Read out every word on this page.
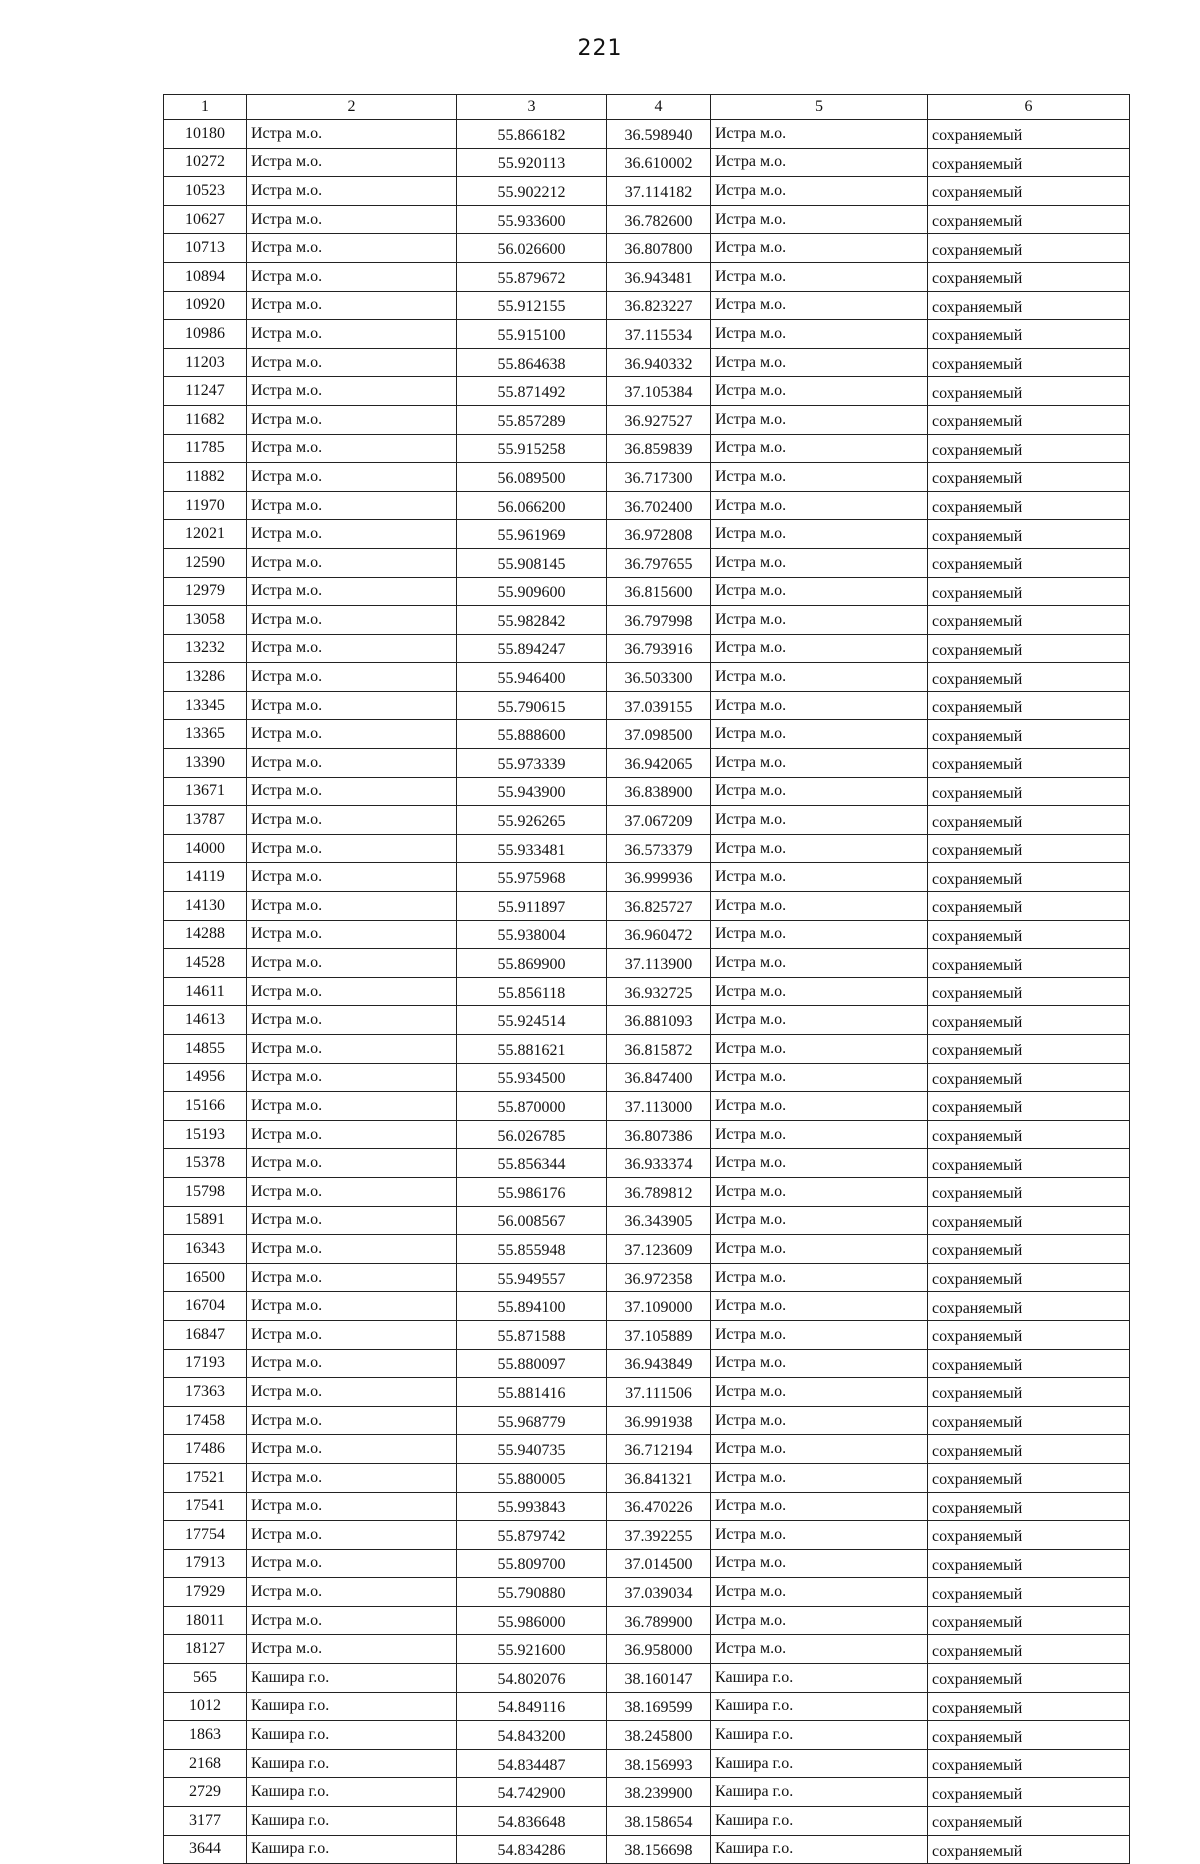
221
1	2	3	4	5	6
10180	Истра м.о.	55.866182	36.598940	Истра м.о.	сохраняемый
10272	Истра м.о.	55.920113	36.610002	Истра м.о.	сохраняемый
10523	Истра м.о.	55.902212	37.114182	Истра м.о.	сохраняемый
10627	Истра м.о.	55.933600	36.782600	Истра м.о.	сохраняемый
10713	Истра м.о.	56.026600	36.807800	Истра м.о.	сохраняемый
10894	Истра м.о.	55.879672	36.943481	Истра м.о.	сохраняемый
10920	Истра м.о.	55.912155	36.823227	Истра м.о.	сохраняемый
10986	Истра м.о.	55.915100	37.115534	Истра м.о.	сохраняемый
11203	Истра м.о.	55.864638	36.940332	Истра м.о.	сохраняемый
11247	Истра м.о.	55.871492	37.105384	Истра м.о.	сохраняемый
11682	Истра м.о.	55.857289	36.927527	Истра м.о.	сохраняемый
11785	Истра м.о.	55.915258	36.859839	Истра м.о.	сохраняемый
11882	Истра м.о.	56.089500	36.717300	Истра м.о.	сохраняемый
11970	Истра м.о.	56.066200	36.702400	Истра м.о.	сохраняемый
12021	Истра м.о.	55.961969	36.972808	Истра м.о.	сохраняемый
12590	Истра м.о.	55.908145	36.797655	Истра м.о.	сохраняемый
12979	Истра м.о.	55.909600	36.815600	Истра м.о.	сохраняемый
13058	Истра м.о.	55.982842	36.797998	Истра м.о.	сохраняемый
13232	Истра м.о.	55.894247	36.793916	Истра м.о.	сохраняемый
13286	Истра м.о.	55.946400	36.503300	Истра м.о.	сохраняемый
13345	Истра м.о.	55.790615	37.039155	Истра м.о.	сохраняемый
13365	Истра м.о.	55.888600	37.098500	Истра м.о.	сохраняемый
13390	Истра м.о.	55.973339	36.942065	Истра м.о.	сохраняемый
13671	Истра м.о.	55.943900	36.838900	Истра м.о.	сохраняемый
13787	Истра м.о.	55.926265	37.067209	Истра м.о.	сохраняемый
14000	Истра м.о.	55.933481	36.573379	Истра м.о.	сохраняемый
14119	Истра м.о.	55.975968	36.999936	Истра м.о.	сохраняемый
14130	Истра м.о.	55.911897	36.825727	Истра м.о.	сохраняемый
14288	Истра м.о.	55.938004	36.960472	Истра м.о.	сохраняемый
14528	Истра м.о.	55.869900	37.113900	Истра м.о.	сохраняемый
14611	Истра м.о.	55.856118	36.932725	Истра м.о.	сохраняемый
14613	Истра м.о.	55.924514	36.881093	Истра м.о.	сохраняемый
14855	Истра м.о.	55.881621	36.815872	Истра м.о.	сохраняемый
14956	Истра м.о.	55.934500	36.847400	Истра м.о.	сохраняемый
15166	Истра м.о.	55.870000	37.113000	Истра м.о.	сохраняемый
15193	Истра м.о.	56.026785	36.807386	Истра м.о.	сохраняемый
15378	Истра м.о.	55.856344	36.933374	Истра м.о.	сохраняемый
15798	Истра м.о.	55.986176	36.789812	Истра м.о.	сохраняемый
15891	Истра м.о.	56.008567	36.343905	Истра м.о.	сохраняемый
16343	Истра м.о.	55.855948	37.123609	Истра м.о.	сохраняемый
16500	Истра м.о.	55.949557	36.972358	Истра м.о.	сохраняемый
16704	Истра м.о.	55.894100	37.109000	Истра м.о.	сохраняемый
16847	Истра м.о.	55.871588	37.105889	Истра м.о.	сохраняемый
17193	Истра м.о.	55.880097	36.943849	Истра м.о.	сохраняемый
17363	Истра м.о.	55.881416	37.111506	Истра м.о.	сохраняемый
17458	Истра м.о.	55.968779	36.991938	Истра м.о.	сохраняемый
17486	Истра м.о.	55.940735	36.712194	Истра м.о.	сохраняемый
17521	Истра м.о.	55.880005	36.841321	Истра м.о.	сохраняемый
17541	Истра м.о.	55.993843	36.470226	Истра м.о.	сохраняемый
17754	Истра м.о.	55.879742	37.392255	Истра м.о.	сохраняемый
17913	Истра м.о.	55.809700	37.014500	Истра м.о.	сохраняемый
17929	Истра м.о.	55.790880	37.039034	Истра м.о.	сохраняемый
18011	Истра м.о.	55.986000	36.789900	Истра м.о.	сохраняемый
18127	Истра м.о.	55.921600	36.958000	Истра м.о.	сохраняемый
565	Кашира г.о.	54.802076	38.160147	Кашира г.о.	сохраняемый
1012	Кашира г.о.	54.849116	38.169599	Кашира г.о.	сохраняемый
1863	Кашира г.о.	54.843200	38.245800	Кашира г.о.	сохраняемый
2168	Кашира г.о.	54.834487	38.156993	Кашира г.о.	сохраняемый
2729	Кашира г.о.	54.742900	38.239900	Кашира г.о.	сохраняемый
3177	Кашира г.о.	54.836648	38.158654	Кашира г.о.	сохраняемый
3644	Кашира г.о.	54.834286	38.156698	Кашира г.о.	сохраняемый
